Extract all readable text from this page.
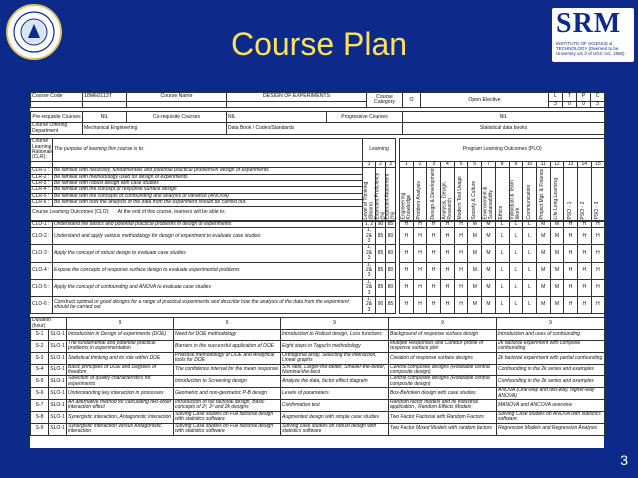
Course Plan
SRM
INSTITUTE OF SCIENCE & TECHNOLOGY (Deemed to be University u/s 3 of UGC Act, 1956)
Course Code	18ME0113T	Course Name	DESIGN OF EXPERIMENTS	Course Category	O	Open Elective	L	T	P	C
							3	0	0	3
Pre-requisite Courses	NIL	Co-requisite Courses	NIL	Progressive Courses	NIL
Course Offering Department	Mechanical Engineering		Data Book / Codes/Standards		Statistical data books
Course Learning Rationale (CLR):	The purpose of learning this course is to:	Learning				Program Learning Outcomes (PLO)														
		1	2	3		1	2	3	4	5	6	7	8	9	10	11	12	13	14	15
CLR-1 :	Be familiar with necessity, fundamentals and potential practical problemsin design of experiments	Level of Thinking (Bloom)	Expected Proficiency (%)	Expected Attainment (%)		Engineering Knowledge	Problem Analysis	Design & Development	Analysis, Design, Research	Modern Tool Usage	Society & Culture	Environment & Sustainability	Ethics	Individual & Team Work	Communication	Project Mgt. & Finance	Life Long Learning	PSO - 1	PSO - 2	PSO - 3
CLR-2 :	Be familiar with methodology used for design of experiments																			
CLR-3 :	Be familiar with robust design with case studies																			
CLR-4 :	Be familiar with the concept of response surface design																			
CLR-5 :	Be familiar with the concepts of confounding and analysis of variance (ANOVA)																			
CLR-6 :	Be familiar with how the analysis of the data from the experiment should be carried out.																			
Course Learning Outcomes (CLO): At the end of this course, learners will be able to:																				
CLO-1 :	Understand the basics and potential practical problems in design of experiments	1, 2	90	85		H	H	H	H	H	M	M	L	L	L	M	M	H	H	H
CLO-2 :	Understand and apply various methodology for design of experiment to evaluate case studies	1, 2& 3	85	80		H	H	H	H	H	M	M	L	L	L	M	M	H	H	H
CLO-3 :	Apply the concept of robust design to evaluate case studies	1, 2& 3	85	80		H	H	H	H	H	M	M	L	L	L	M	M	H	H	H
CLO-4 :	Expose the concepts of response surface design to evaluate experimental problems	1, 2& 3	85	80		H	H	H	H	H	M	M	L	L	L	M	M	H	H	H
CLO-5 :	Apply the concept of confounding and ANOVA to evaluate case studies	1, 2& 3	85	80		H	H	H	H	H	M	M	L	L	L	M	M	H	H	H
CLO-6 :	Construct optimal or good designs for a range of practical experiments and describe how the analysis of the data from the experiment should be carried out	1, 2& 3	90	85		H	H	H	H	H	M	M	L	L	L	M	M	H	H	H
Duration (hour)		9	9	9	9	9
S-1	SLO-1	Introduction in Design of experiments (DOE)	Need for DOE methodology	Introduction to Robust design, Loss functions	Background of response surface design	Introduction and uses of confounding
S-2	SLO-1	The fundamental and potential practical problems in experimentation	Barriers in the successful application of DOE	Eight steps in Taguchi methodology	Multiple Responses and Contour profile of response surface plot	2k factorial experiment with complete confounding
S-3	SLO-1	Statistical thinking and its role within DOE	Practical methodology of DOE and Analytical tools for DOE	Orthogonal array, Selecting the interaction, Linear graphs	Creation of response surface designs	2k factorial experiment with partial confounding
S-4	SLO-1	Basic principles of DOE and Degrees of freedom	The confidence interval for the mean response	S/N ratio, Larger-the-better, Smaller-the-better, Nominal-the-best	Central composite designs (Rotatable central composite design)	Confounding in the 2k series and examples
S-5	SLO-1	Selection of quality characteristics for experiments	Introduction to Screening design	Analyze the data, factor effect diagram	Central composite designs (Rotatable central composite design)	Confounding in the 2k series and examples
S-6	SLO-1	Understanding key interaction in processes	Geometric and non-geometric P-B design	Levels of parameters	Box-Behnken design with case studies	ANOVA (One-way and two-way, higher-way ANOVA)
S-7	SLO-1	An alternative method for calculating two-order interaction effect	Introduction of full factorial design, Basic concepts of 2², 2³ and 2k designs	Confirmation test	Random factor models and its industrial application , Random Effects Models	MANOVA and ANCOVA overview
S-8	SLO-1	Synergistic interaction, Antagonistic interaction	Solving Case studies on Full factorial design with statistics software	Augmented design with simple case studies	Two Factor Factorial with Random Factors	Solving Case studies on ANOVA with statistics software
S-9	SLO-1	Synergistic interaction versus Antagonistic interaction	Solving Case studies on Full factorial design with statistics software	Solving case studies on robust design with statistics software	Two Factor Mixed Models with random factors	Regression Models and Regression Analysis
3
